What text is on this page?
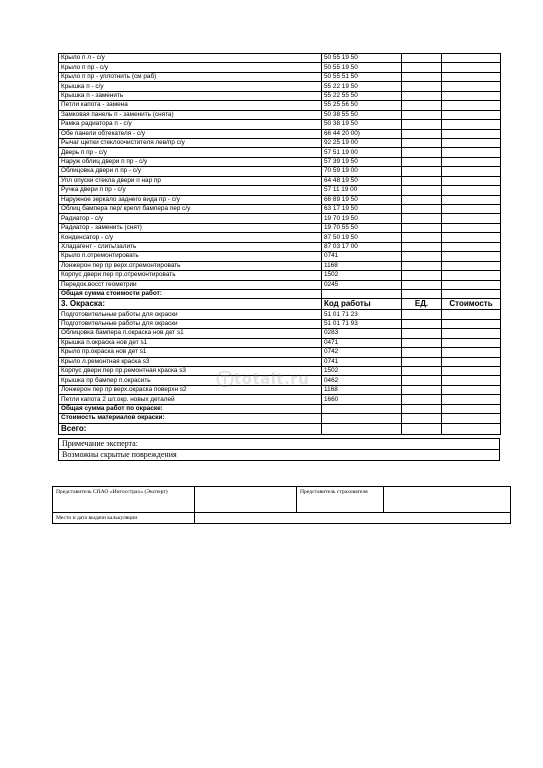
Крыло п л - с/у	50 55 19 50		
Крыло п пр - с/у	50 55 19 50		
Крыло п пр - уплотнить (см раб)	50 55 51 50		
Крышка п - с/у	55 22 19 50		
Крышка п - заменить	55 22 55 50		
Петли капота - замена	55 25 56 50		
Замковая панель п - заменить (снята)	50 38 55 50		
Рамка радиатора п - с/у	50 38 19 50		
Обе панели обтекателя - с/у	66 44 20 00)		
Рычаг щетки стеклоочистителя лев/пр с/у	92 25 19 00		
Дверь п пр - с/у	57 51 19 00		
Наруж облиц двери п пр - с/у	57 39 19 50		
Облицовка двери п пр - с/у	70 59 19 00		
Упл опуски стекла двери п нар пр	64 48 19 50		
Ручка двери п пр - с/у	57 11 19 00		
Наружное зеркало заднего вида пр - с/у	66 89 19 50		
Облиц бампера пер/ крепл бампера пер с/у	63 17 19 50		
Радиатор - с/у	19 70 19 50		
Радиатор - заменить (снят)	19 70 55 50		
Конденсатор - с/у	87 50 19 50		
Хладагент - слить/залить	87 03 17 00		
Крыло п.отремонтировать	0741		
Лонжерон пер пр верх.отремонтировать	1168		
Корпус двери пер пр.отремонтировать	1502		
Передок.восст геометрии	0245		
Общая сумма стоимости работ:			
3. Окраска:	Код работы	ЕД.	Стоимость
Подготовительные работы для окраски	51 01 71 23		
Подготовительные работы для окраски	51 01 71 93		
Облицовка бампера п.окраска нов дет s1	0283		
Крышка п.окраска нов дет s1	0471		
Крыло пр.окраска нов дет s1	0742		
Крыло л.ремонтная краска s3	0741		
Корпус двери пер пр.ремонтная краска s3	1502		
Крышка пр бампер п.окрасить	0462		
Лонжерон пер пр верх.окраска поверхн s2	1168		
Петли капота 2 шт.окр. новых деталей	1660		
Общая сумма работ по окраске:			
Стоимость материалов окраски:			
Всего:			
Примечание эксперта:
Возможны скрытые повреждения
Представитель СПАО «Ингосстрах» (Эксперт)		Представитель страхователя	
Место и дата выдачи калькуляции			
totalt.ru
